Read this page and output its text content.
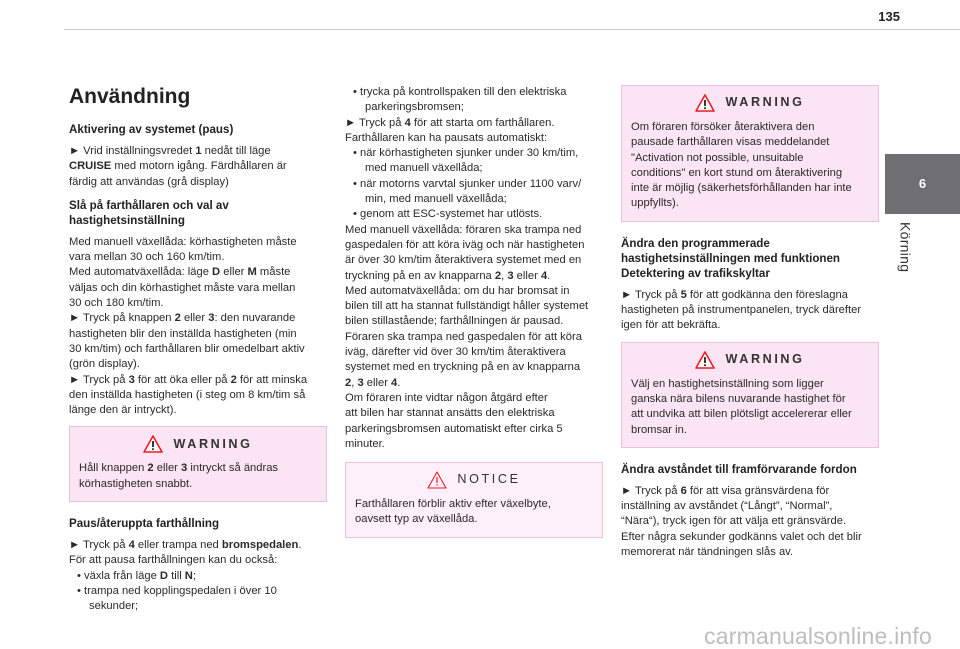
135
6
Körning
Användning
Aktivering av systemet (paus)

► Vrid inställningsvredet 1 nedåt till läge
CRUISE med motorn igång. Färdhållaren är
färdig att användas (grå display)

Slå på farthållaren och val av hastighetsinställning

Med manuell växellåda: körhastigheten måste
vara mellan 30 och 160 km/tim.
Med automatväxellåda: läge D eller M måste
väljas och din körhastighet måste vara mellan
30 och 180 km/tim.
► Tryck på knappen 2 eller 3: den nuvarande
hastigheten blir den inställda hastigheten (min
30 km/tim) och farthållaren blir omedelbart aktiv
(grön display).
► Tryck på 3 för att öka eller på 2 för att minska
den inställda hastigheten (i steg om 8 km/tim så
länge den är intryckt).

WARNING
Håll knappen 2 eller 3 intryckt så ändras
körhastigheten snabbt.
Paus/återuppta farthållning
► Tryck på 4 eller trampa ned bromspedalen.
För att pausa farthållningen kan du också:
• växla från läge D till N;
• trampa ned kopplingspedalen i över 10
sekunder;
• trycka på kontrollspaken till den elektriska
parkeringsbromsen;
► Tryck på 4 för att starta om farthållaren.
Farthållaren kan ha pausats automatiskt:
• när körhastigheten sjunker under 30 km/tim,
med manuell växellåda;
• när motorns varvtal sjunker under 1100 varv/
min, med manuell växellåda;
• genom att ESC-systemet har utlösts.
Med manuell växellåda: föraren ska trampa ned
gaspedalen för att köra iväg och när hastigheten
är över 30 km/tim återaktivera systemet med en
tryckning på en av knapparna 2, 3 eller 4.
Med automatväxellåda: om du har bromsat in
bilen till att ha stannat fullständigt håller systemet
bilen stillastående; farthållningen är pausad.
Föraren ska trampa ned gaspedalen för att köra
iväg, därefter vid över 30 km/tim återaktivera
systemet med en tryckning på en av knapparna
2, 3 eller 4.
Om föraren inte vidtar någon åtgärd efter
att bilen har stannat ansätts den elektriska
parkeringsbromsen automatiskt efter cirka 5
minuter.
NOTICE
Farthållaren förblir aktiv efter växelbyte,
oavsett typ av växellåda.
WARNING
Om föraren försöker återaktivera den
pausade farthållaren visas meddelandet
"Activation not possible, unsuitable
conditions" en kort stund om återaktivering
inte är möjlig (säkerhetsförhållanden har inte
uppfyllts).
Ändra den programmerade hastighetsinställningen med funktionen Detektering av trafikskyltar

► Tryck på 5 för att godkänna den föreslagna
hastigheten på instrumentpanelen, tryck därefter
igen för att bekräfta.

WARNING
Välj en hastighetsinställning som ligger
ganska nära bilens nuvarande hastighet för
att undvika att bilen plötsligt accelererar eller
bromsar in.
Ändra avståndet till framförvarande fordon

► Tryck på 6 för att visa gränsvärdena för
inställning av avståndet (“Långt”, “Normal”,
“Nära“), tryck igen för att välja ett gränsvärde.
Efter några sekunder godkänns valet och det blir
memorerat när tändningen slås av.

carmanualsonline.info
